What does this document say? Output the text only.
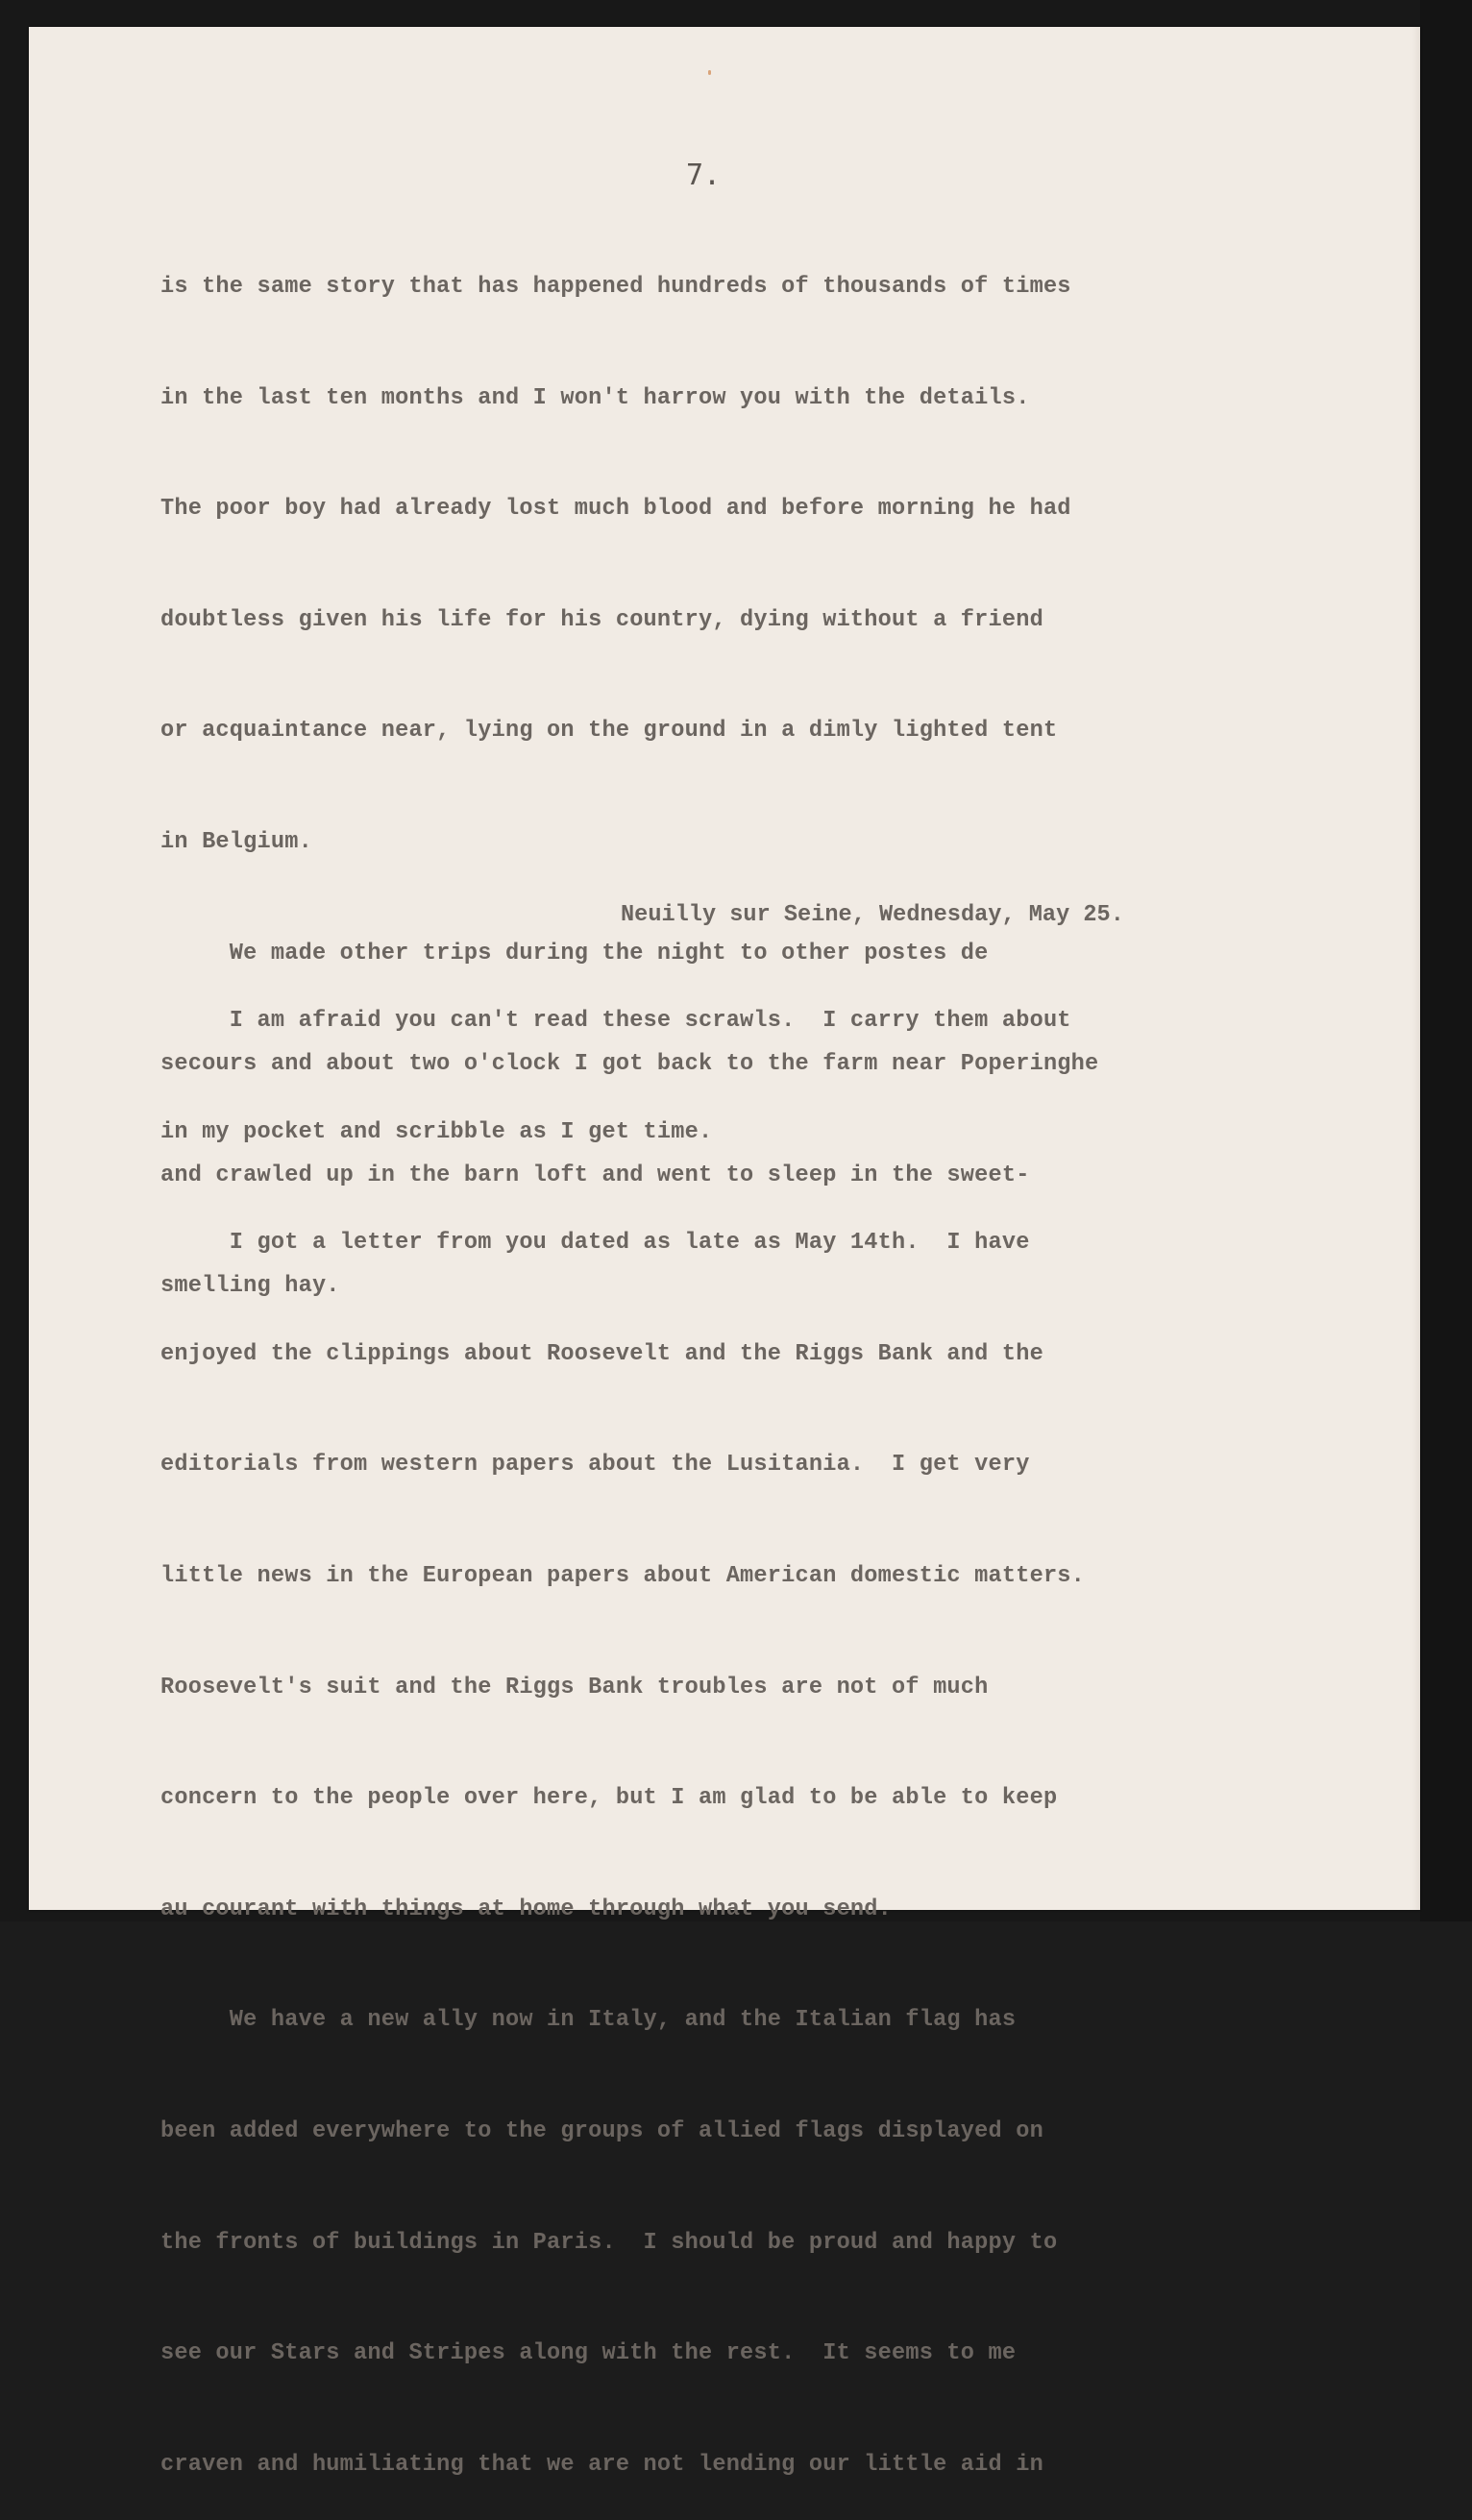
7.

is the same story that has happened hundreds of thousands of times

in the last ten months and I won't harrow you with the details.

The poor boy had already lost much blood and before morning he had

doubtless given his life for his country, dying without a friend

or acquaintance near, lying on the ground in a dimly lighted tent

in Belgium.

We made other trips during the night to other postes de

secours and about two o'clock I got back to the farm near Poperinghe

and crawled up in the barn loft and went to sleep in the sweet-

smelling hay.

Neuilly sur Seine, Wednesday, May 25.

I am afraid you can't read these scrawls.  I carry them about

in my pocket and scribble as I get time.

I got a letter from you dated as late as May 14th.  I have

enjoyed the clippings about Roosevelt and the Riggs Bank and the

editorials from western papers about the Lusitania.  I get very

little news in the European papers about American domestic matters.

Roosevelt's suit and the Riggs Bank troubles are not of much

concern to the people over here, but I am glad to be able to keep

au courant with things at home through what you send.

We have a new ally now in Italy, and the Italian flag has

been added everywhere to the groups of allied flags displayed on

the fronts of buildings in Paris.  I should be proud and happy to

see our Stars and Stripes along with the rest.  It seems to me

craven and humiliating that we are not lending our little aid in
